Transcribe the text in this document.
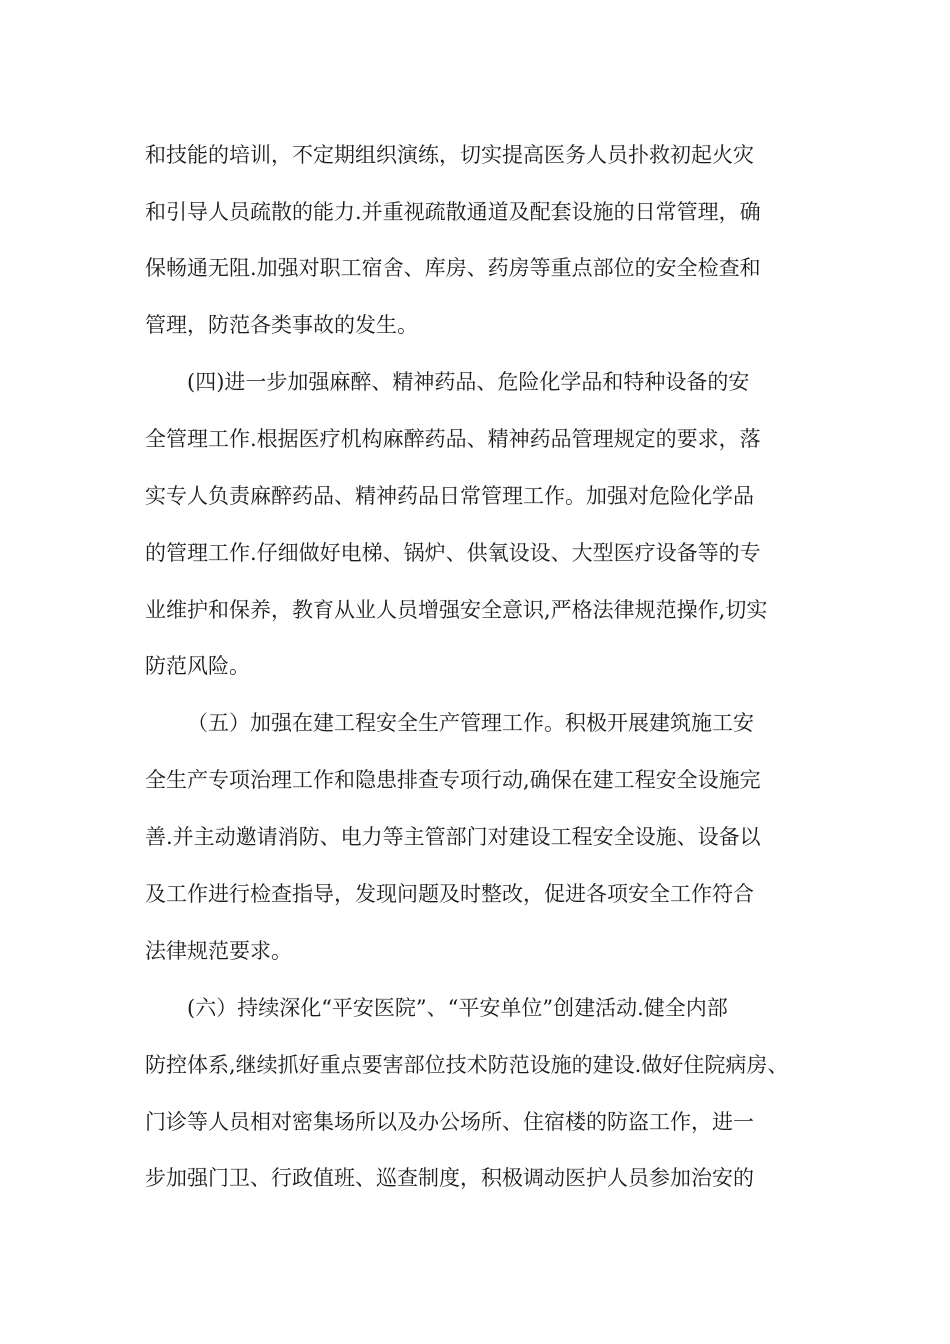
和技能的培训，不定期组织演练，切实提高医务人员扑救初起火灾
和引导人员疏散的能力.并重视疏散通道及配套设施的日常管理，确
保畅通无阻.加强对职工宿舍、库房、药房等重点部位的安全检查和
管理，防范各类事故的发生。
(四)进一步加强麻醉、精神药品、危险化学品和特种设备的安
全管理工作.根据医疗机构麻醉药品、精神药品管理规定的要求，落
实专人负责麻醉药品、精神药品日常管理工作。加强对危险化学品
的管理工作.仔细做好电梯、锅炉、供氧设设、大型医疗设备等的专
业维护和保养，教育从业人员增强安全意识,严格法律规范操作,切实
防范风险。
（五）加强在建工程安全生产管理工作。积极开展建筑施工安
全生产专项治理工作和隐患排查专项行动,确保在建工程安全设施完
善.并主动邀请消防、电力等主管部门对建设工程安全设施、设备以
及工作进行检查指导，发现问题及时整改，促进各项安全工作符合
法律规范要求。
(六）持续深化“平安医院”、“平安单位”创建活动.健全内部
防控体系,继续抓好重点要害部位技术防范设施的建设.做好住院病房、
门诊等人员相对密集场所以及办公场所、住宿楼的防盗工作，进一
步加强门卫、行政值班、巡查制度，积极调动医护人员参加治安的
